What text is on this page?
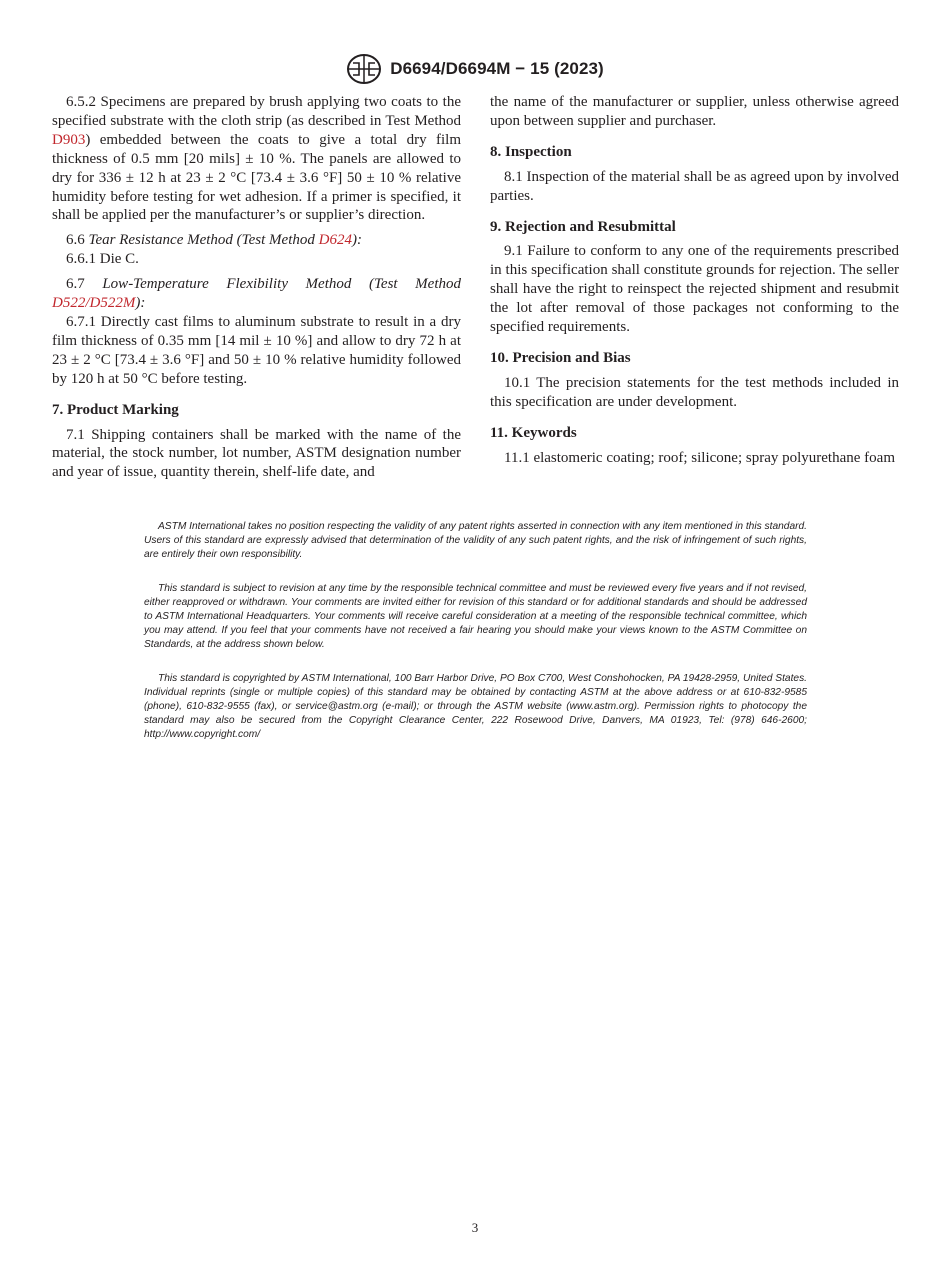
D6694/D6694M − 15 (2023)

6.5.2 Specimens are prepared by brush applying two coats to the specified substrate with the cloth strip (as described in Test Method D903) embedded between the coats to give a total dry film thickness of 0.5 mm [20 mils] ± 10 %. The panels are allowed to dry for 336 ± 12 h at 23 ± 2 °C [73.4 ± 3.6 °F] 50 ± 10 % relative humidity before testing for wet adhesion. If a primer is specified, it shall be applied per the manufacturer’s or supplier’s direction.

6.6 Tear Resistance Method (Test Method D624):

6.6.1 Die C.

6.7 Low-Temperature Flexibility Method (Test Method D522/D522M):

6.7.1 Directly cast films to aluminum substrate to result in a dry film thickness of 0.35 mm [14 mil ± 10 %] and allow to dry 72 h at 23 ± 2 °C [73.4 ± 3.6 °F] and 50 ± 10 % relative humidity followed by 120 h at 50 °C before testing.

7. Product Marking

7.1 Shipping containers shall be marked with the name of the material, the stock number, lot number, ASTM designation number and year of issue, quantity therein, shelf-life date, and

the name of the manufacturer or supplier, unless otherwise agreed upon between supplier and purchaser.

8. Inspection

8.1 Inspection of the material shall be as agreed upon by involved parties.

9. Rejection and Resubmittal

9.1 Failure to conform to any one of the requirements prescribed in this specification shall constitute grounds for rejection. The seller shall have the right to reinspect the rejected shipment and resubmit the lot after removal of those packages not conforming to the specified requirements.

10. Precision and Bias

10.1 The precision statements for the test methods included in this specification are under development.

11. Keywords

11.1 elastomeric coating; roof; silicone; spray polyurethane foam

ASTM International takes no position respecting the validity of any patent rights asserted in connection with any item mentioned in this standard. Users of this standard are expressly advised that determination of the validity of any such patent rights, and the risk of infringement of such rights, are entirely their own responsibility.

This standard is subject to revision at any time by the responsible technical committee and must be reviewed every five years and if not revised, either reapproved or withdrawn. Your comments are invited either for revision of this standard or for additional standards and should be addressed to ASTM International Headquarters. Your comments will receive careful consideration at a meeting of the responsible technical committee, which you may attend. If you feel that your comments have not received a fair hearing you should make your views known to the ASTM Committee on Standards, at the address shown below.

This standard is copyrighted by ASTM International, 100 Barr Harbor Drive, PO Box C700, West Conshohocken, PA 19428-2959, United States. Individual reprints (single or multiple copies) of this standard may be obtained by contacting ASTM at the above address or at 610-832-9585 (phone), 610-832-9555 (fax), or service@astm.org (e-mail); or through the ASTM website (www.astm.org). Permission rights to photocopy the standard may also be secured from the Copyright Clearance Center, 222 Rosewood Drive, Danvers, MA 01923, Tel: (978) 646-2600; http://www.copyright.com/

3
